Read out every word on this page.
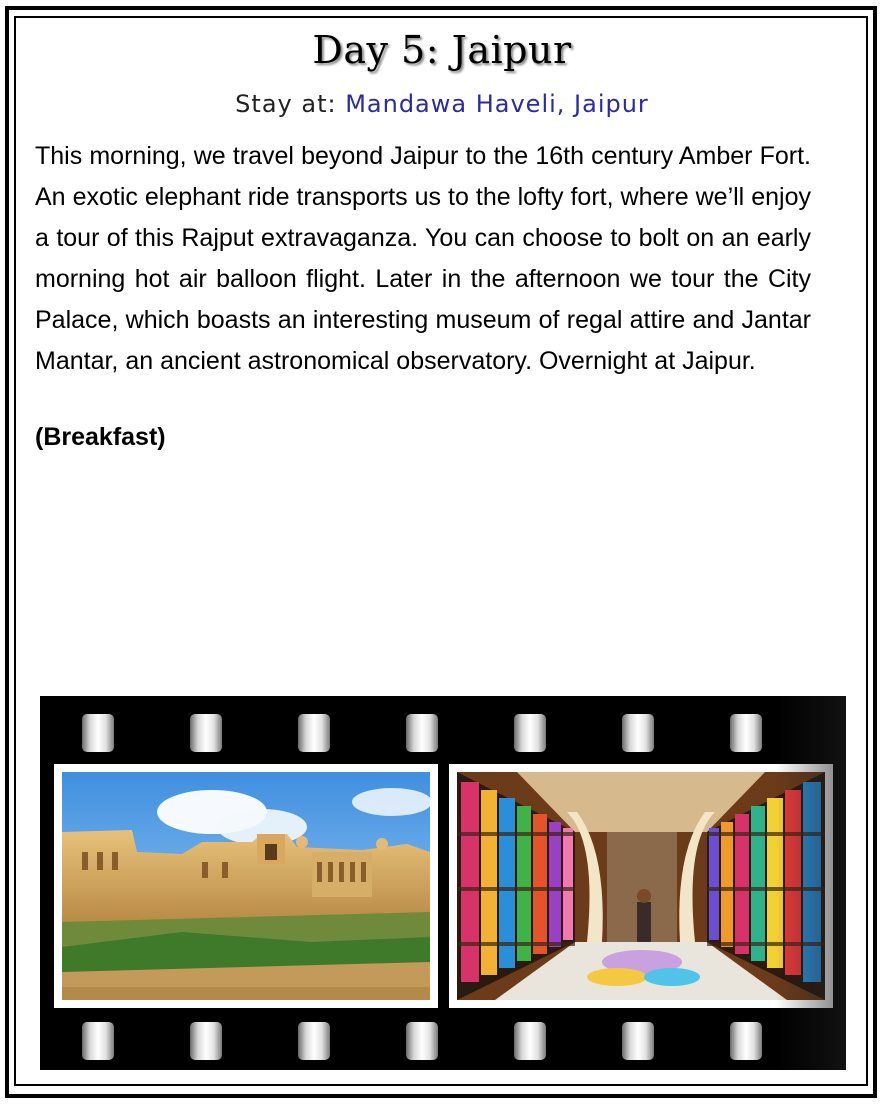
Day 5: Jaipur
Stay at: Mandawa Haveli, Jaipur
This morning, we travel beyond Jaipur to the 16th century Amber Fort. An exotic elephant ride transports us to the lofty fort, where we’ll enjoy a tour of this Rajput extravaganza. You can choose to bolt on an early morning hot air balloon flight. Later in the afternoon we tour the City Palace, which boasts an interesting museum of regal attire and Jantar Mantar, an ancient astronomical observatory. Overnight at Jaipur.
(Breakfast)
